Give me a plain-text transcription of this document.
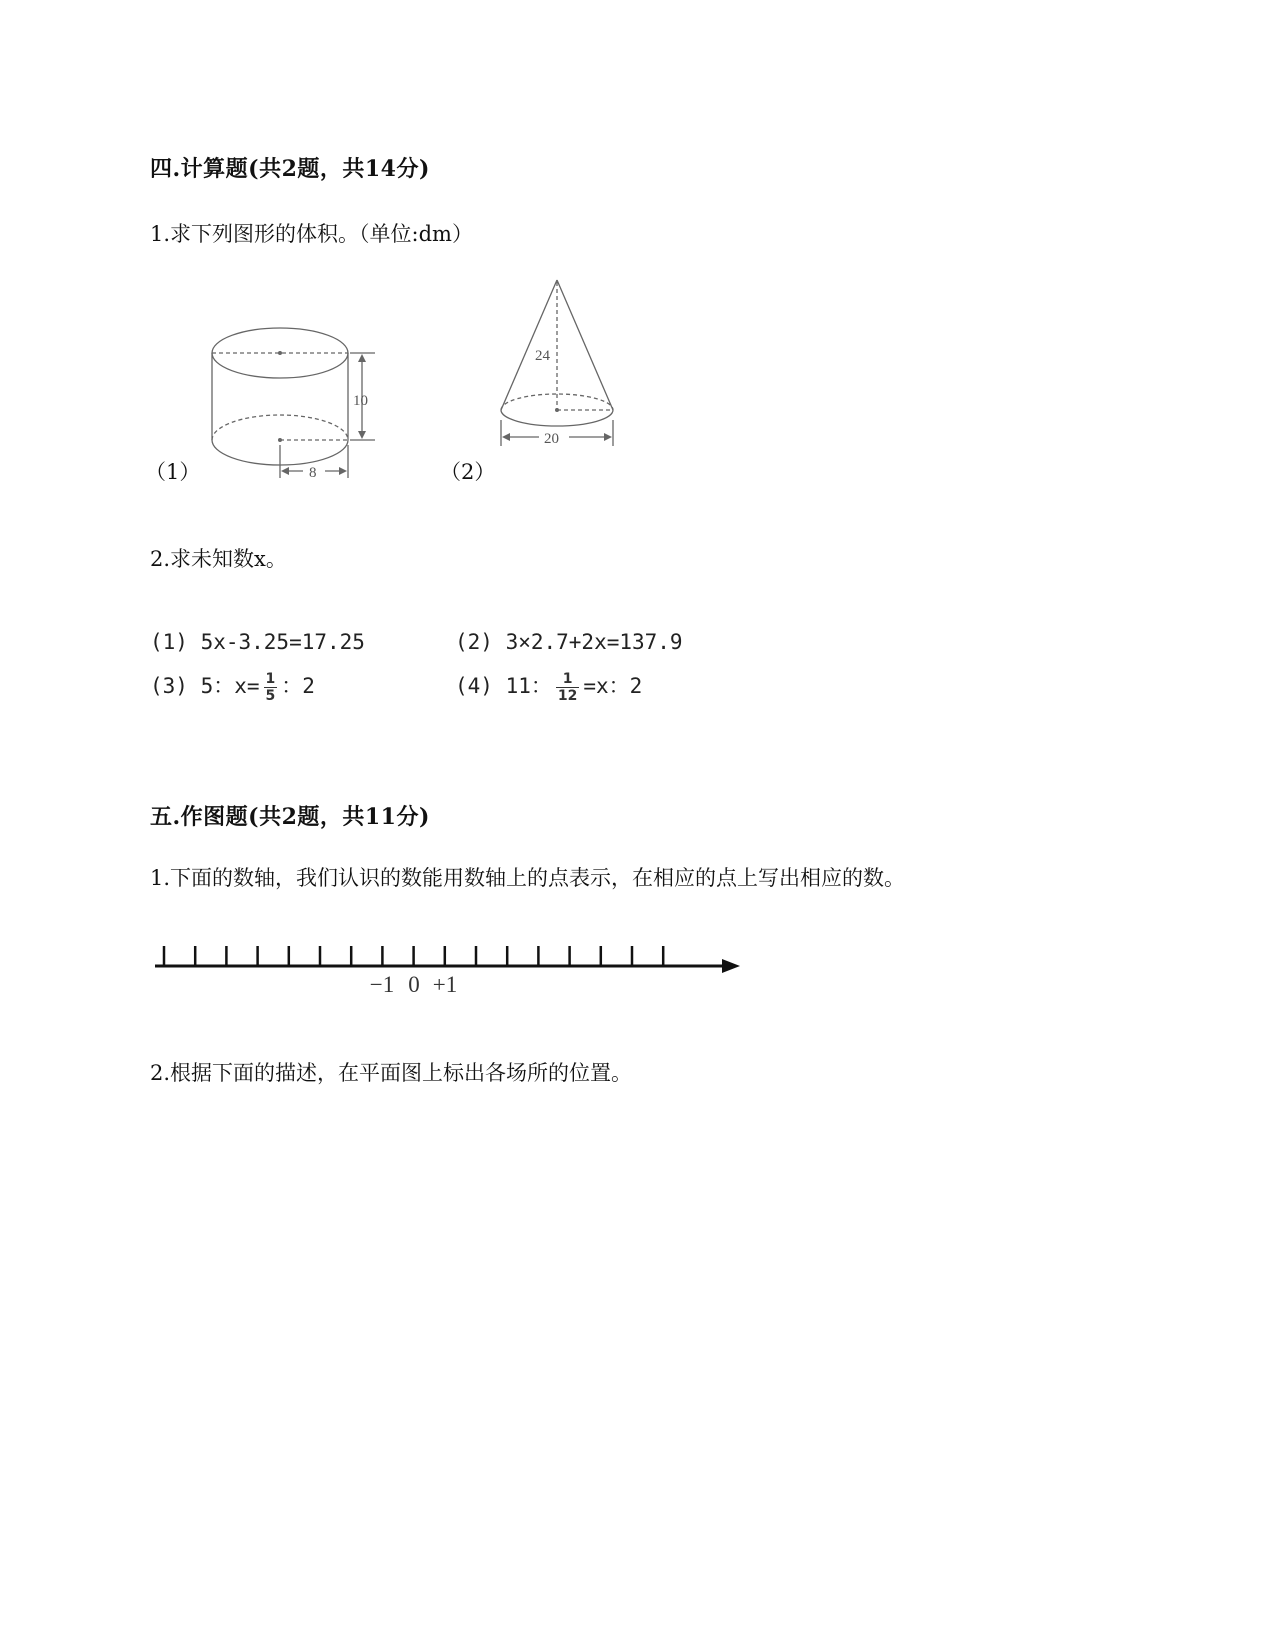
四.计算题(共2题，共14分)
1.求下列图形的体积。（单位:dm）
10
8
（1）
24
20
（2）
2.求未知数x。
(1) 5x-3.25=17.25	(2) 3×2.7+2x=137.9
(3) 5：$x= \frac{1}{5}$ ：2	(4) 11： $\frac{1}{12} =x$：2
五.作图题(共2题，共11分)
1.下面的数轴，我们认识的数能用数轴上的点表示，在相应的点上写出相应的数。
−1 0 +1
2.根据下面的描述，在平面图上标出各场所的位置。
